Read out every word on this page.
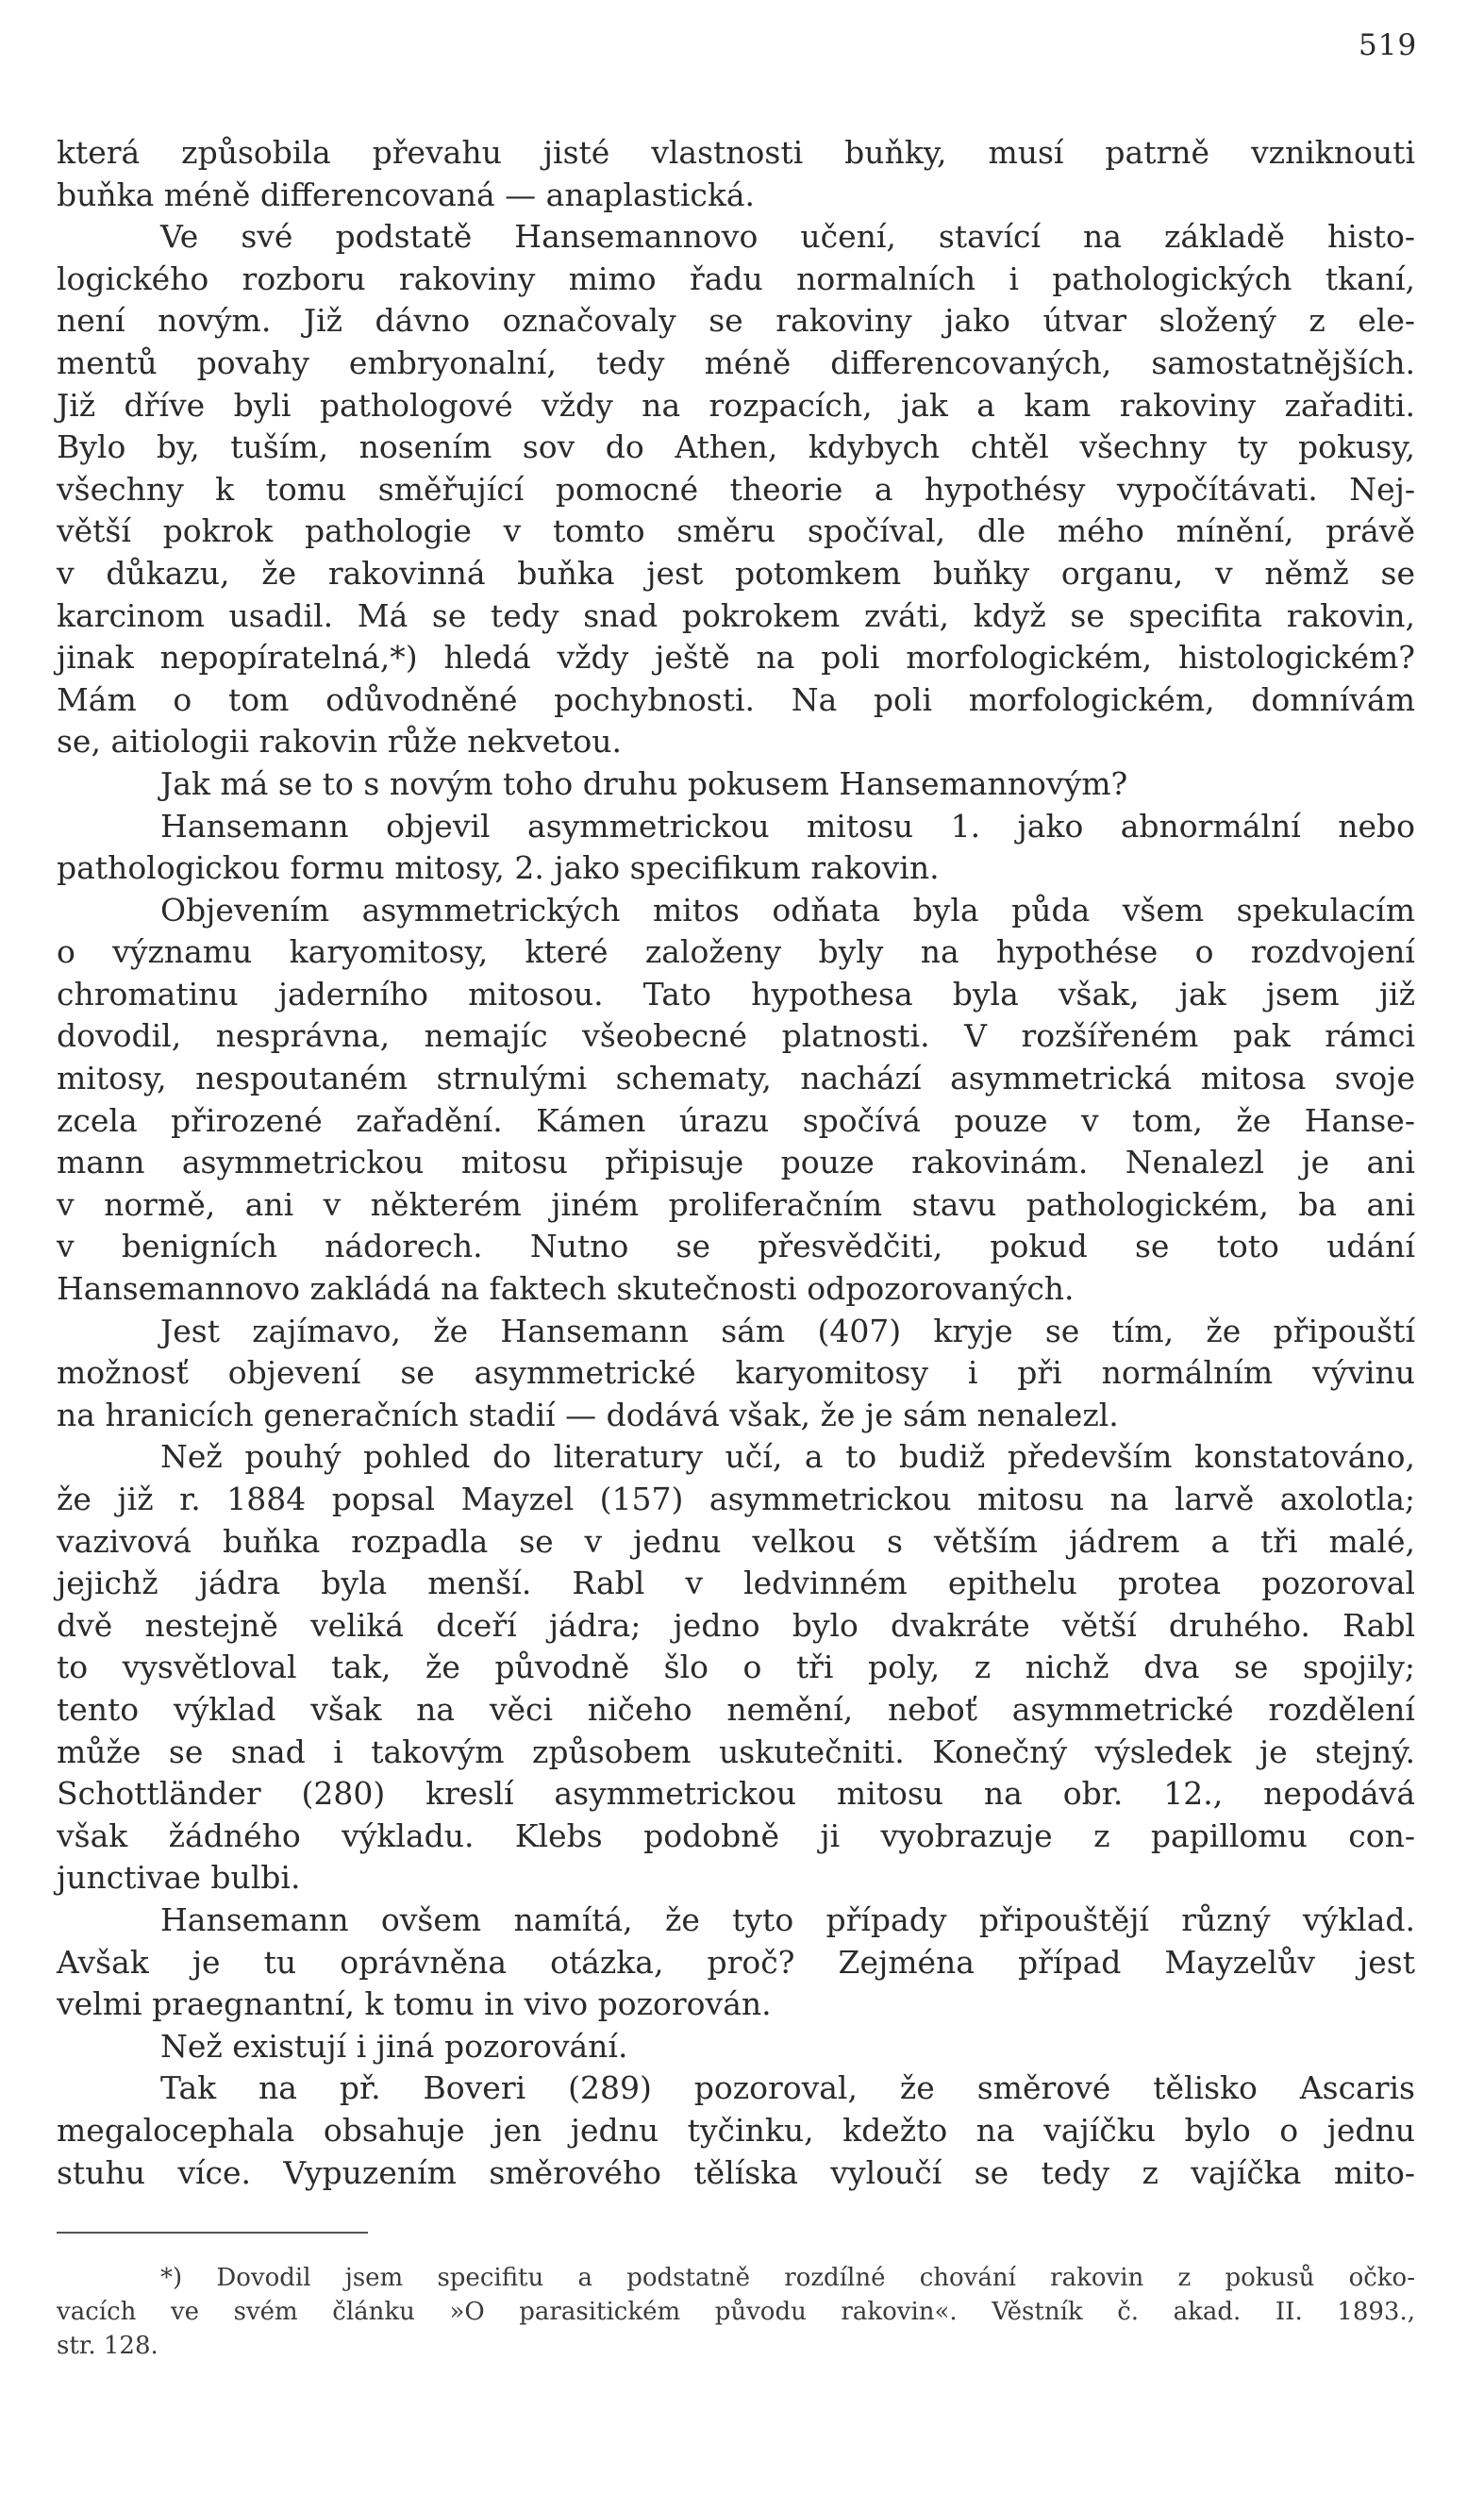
519
která způsobila převahu jisté vlastnosti buňky, musí patrně vzniknouti
buňka méně differencovaná — anaplastická.
Ve své podstatě Hansemannovo učení, stavící na základě histo-
logického rozboru rakoviny mimo řadu normalních i pathologických tkaní,
není novým. Již dávno označovaly se rakoviny jako útvar složený z ele-
mentů povahy embryonalní, tedy méně differencovaných, samostatnějších.
Již dříve byli pathologové vždy na rozpacích, jak a kam rakoviny zařaditi.
Bylo by, tuším, nosením sov do Athen, kdybych chtěl všechny ty pokusy,
všechny k tomu směřující pomocné theorie a hypothésy vypočítávati. Nej-
větší pokrok pathologie v tomto směru spočíval, dle mého mínění, právě
v důkazu, že rakovinná buňka jest potomkem buňky organu, v němž se
karcinom usadil. Má se tedy snad pokrokem zváti, když se specifita rakovin,
jinak nepopíratelná,*) hledá vždy ještě na poli morfologickém, histologickém?
Mám o tom odůvodněné pochybnosti. Na poli morfologickém, domnívám
se, aitiologii rakovin růže nekvetou.
Jak má se to s novým toho druhu pokusem Hansemannovým?
Hansemann objevil asymmetrickou mitosu 1. jako abnormální nebo
pathologickou formu mitosy, 2. jako specifikum rakovin.
Objevením asymmetrických mitos odňata byla půda všem spekulacím
o významu karyomitosy, které založeny byly na hypothése o rozdvojení
chromatinu jaderního mitosou. Tato hypothesa byla však, jak jsem již
dovodil, nesprávna, nemajíc všeobecné platnosti. V rozšířeném pak rámci
mitosy, nespoutaném strnulými schematy, nachází asymmetrická mitosa svoje
zcela přirozené zařadění. Kámen úrazu spočívá pouze v tom, že Hanse-
mann asymmetrickou mitosu připisuje pouze rakovinám. Nenalezl je ani
v normě, ani v některém jiném proliferačním stavu pathologickém, ba ani
v benigních nádorech. Nutno se přesvědčiti, pokud se toto udání
Hansemannovo zakládá na faktech skutečnosti odpozorovaných.
Jest zajímavo, že Hansemann sám (407) kryje se tím, že připouští
možnosť objevení se asymmetrické karyomitosy i při normálním vývinu
na hranicích generačních stadií — dodává však, že je sám nenalezl.
Než pouhý pohled do literatury učí, a to budiž především konstatováno,
že již r. 1884 popsal Mayzel (157) asymmetrickou mitosu na larvě axolotla;
vazivová buňka rozpadla se v jednu velkou s větším jádrem a tři malé,
jejichž jádra byla menší. Rabl v ledvinném epithelu protea pozoroval
dvě nestejně veliká dceří jádra; jedno bylo dvakráte větší druhého. Rabl
to vysvětloval tak, že původně šlo o tři poly, z nichž dva se spojily;
tento výklad však na věci ničeho nemění, neboť asymmetrické rozdělení
může se snad i takovým způsobem uskutečniti. Konečný výsledek je stejný.
Schottländer (280) kreslí asymmetrickou mitosu na obr. 12., nepodává
však žádného výkladu. Klebs podobně ji vyobrazuje z papillomu con-
junctivae bulbi.
Hansemann ovšem namítá, že tyto případy připouštějí různý výklad.
Avšak je tu oprávněna otázka, proč? Zejména případ Mayzelův jest
velmi praegnantní, k tomu in vivo pozorován.
Než existují i jiná pozorování.
Tak na př. Boveri (289) pozoroval, že směrové tělisko Ascaris
megalocephala obsahuje jen jednu tyčinku, kdežto na vajíčku bylo o jednu
stuhu více. Vypuzením směrového tělíska vyloučí se tedy z vajíčka mito-
*) Dovodil jsem specifitu a podstatně rozdílné chování rakovin z pokusů očko-
vacích ve svém článku »O parasitickém původu rakovin«. Věstník č. akad. II. 1893.,
str. 128.
